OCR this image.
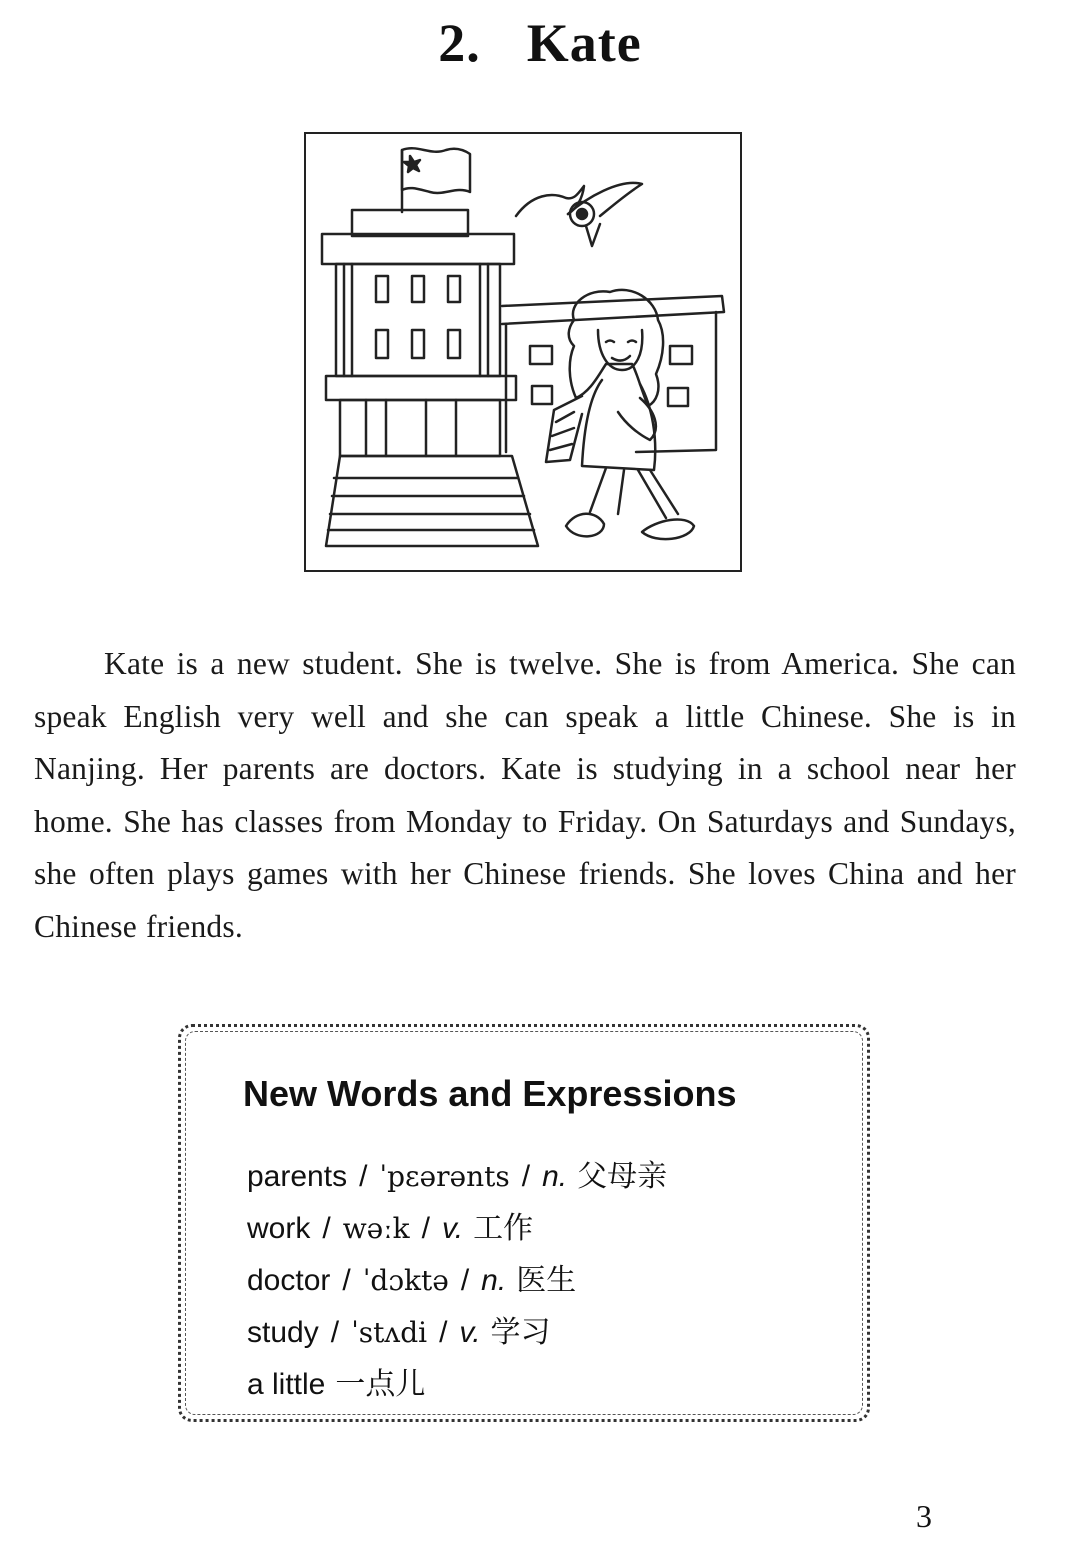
2. Kate

Kate is a new student. She is twelve. She is from America. She can speak English very well and she can speak a little Chinese. She is in Nanjing. Her parents are doctors. Kate is studying in a school near her home. She has classes from Monday to Friday. On Saturdays and Sundays, she often plays games with her Chinese friends. She loves China and her Chinese friends.

New Words and Expressions
parents / ˈpεərənts / n. 父母亲
work / wəːk / v. 工作
doctor / ˈdɔktə / n. 医生
study / ˈstʌdi / v. 学习
a little 一点儿

3
